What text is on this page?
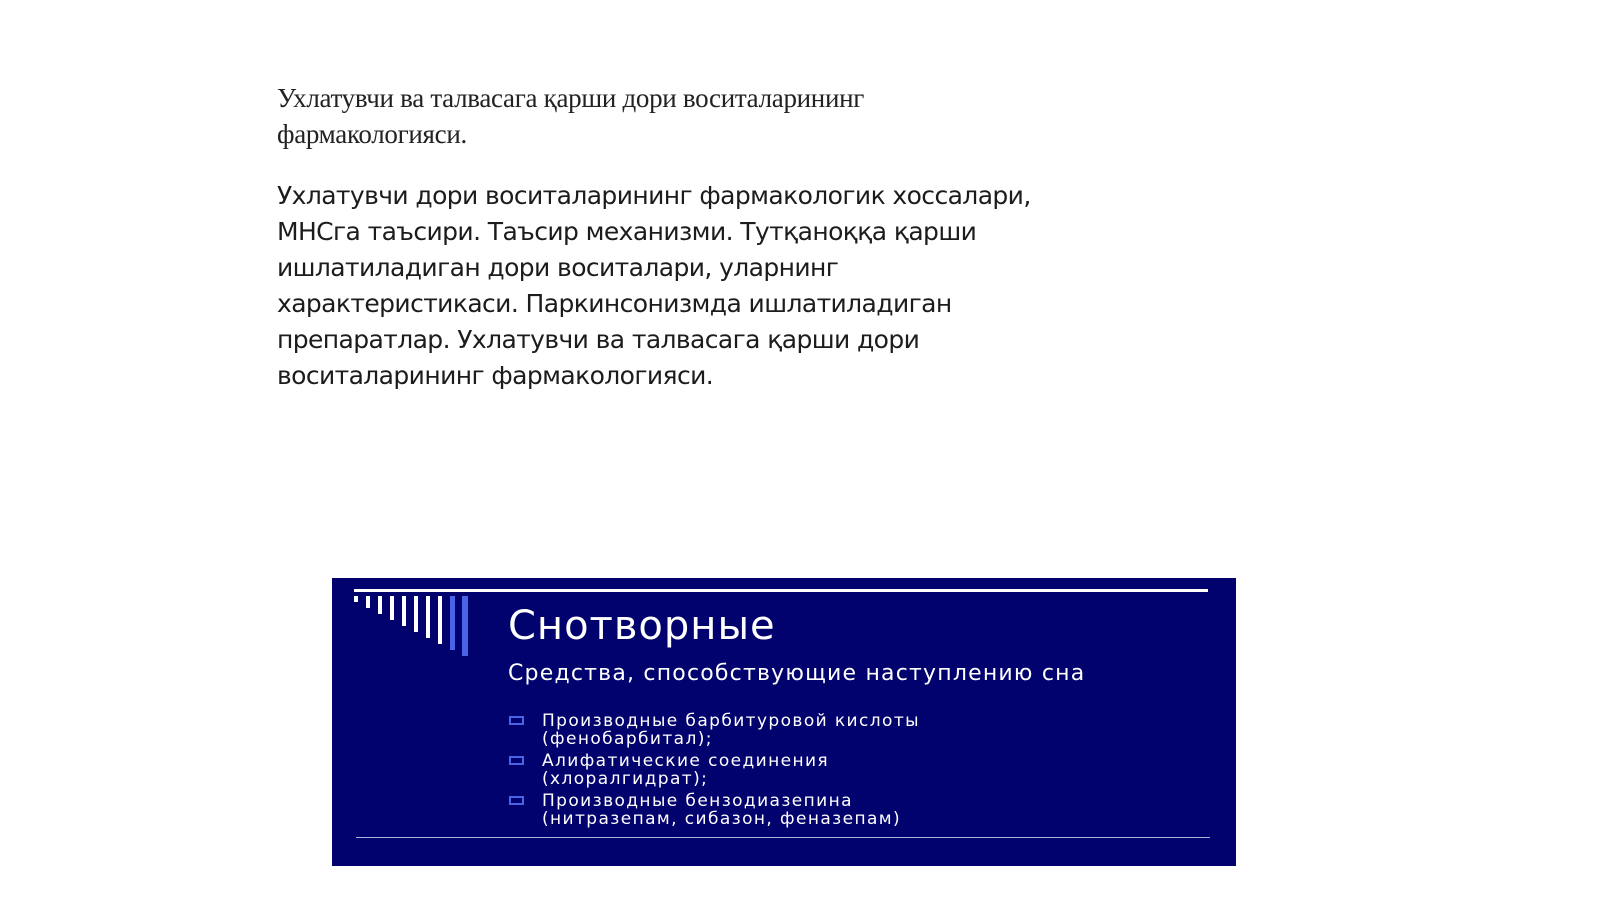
Ухлатувчи ва талвасага қарши дори воситаларининг фармакологияси.

Ухлатувчи дори воситаларининг фармакологик хоссалари, МНСга таъсири. Таъсир механизми. Тутқаноққа қарши ишлатиладиган дори воситалари, уларнинг характеристикаси. Паркинсонизмда ишлатиладиган препаратлар. Ухлатувчи ва талвасага қарши дори воситаларининг фармакологияси.

Снотворные

Средства, способствующие наступлению сна

Производные барбитуровой кислоты
(фенобарбитал);
Алифатические соединения
(хлоралгидрат);
Производные бензодиазепина
(нитразепам, сибазон, феназепам)
